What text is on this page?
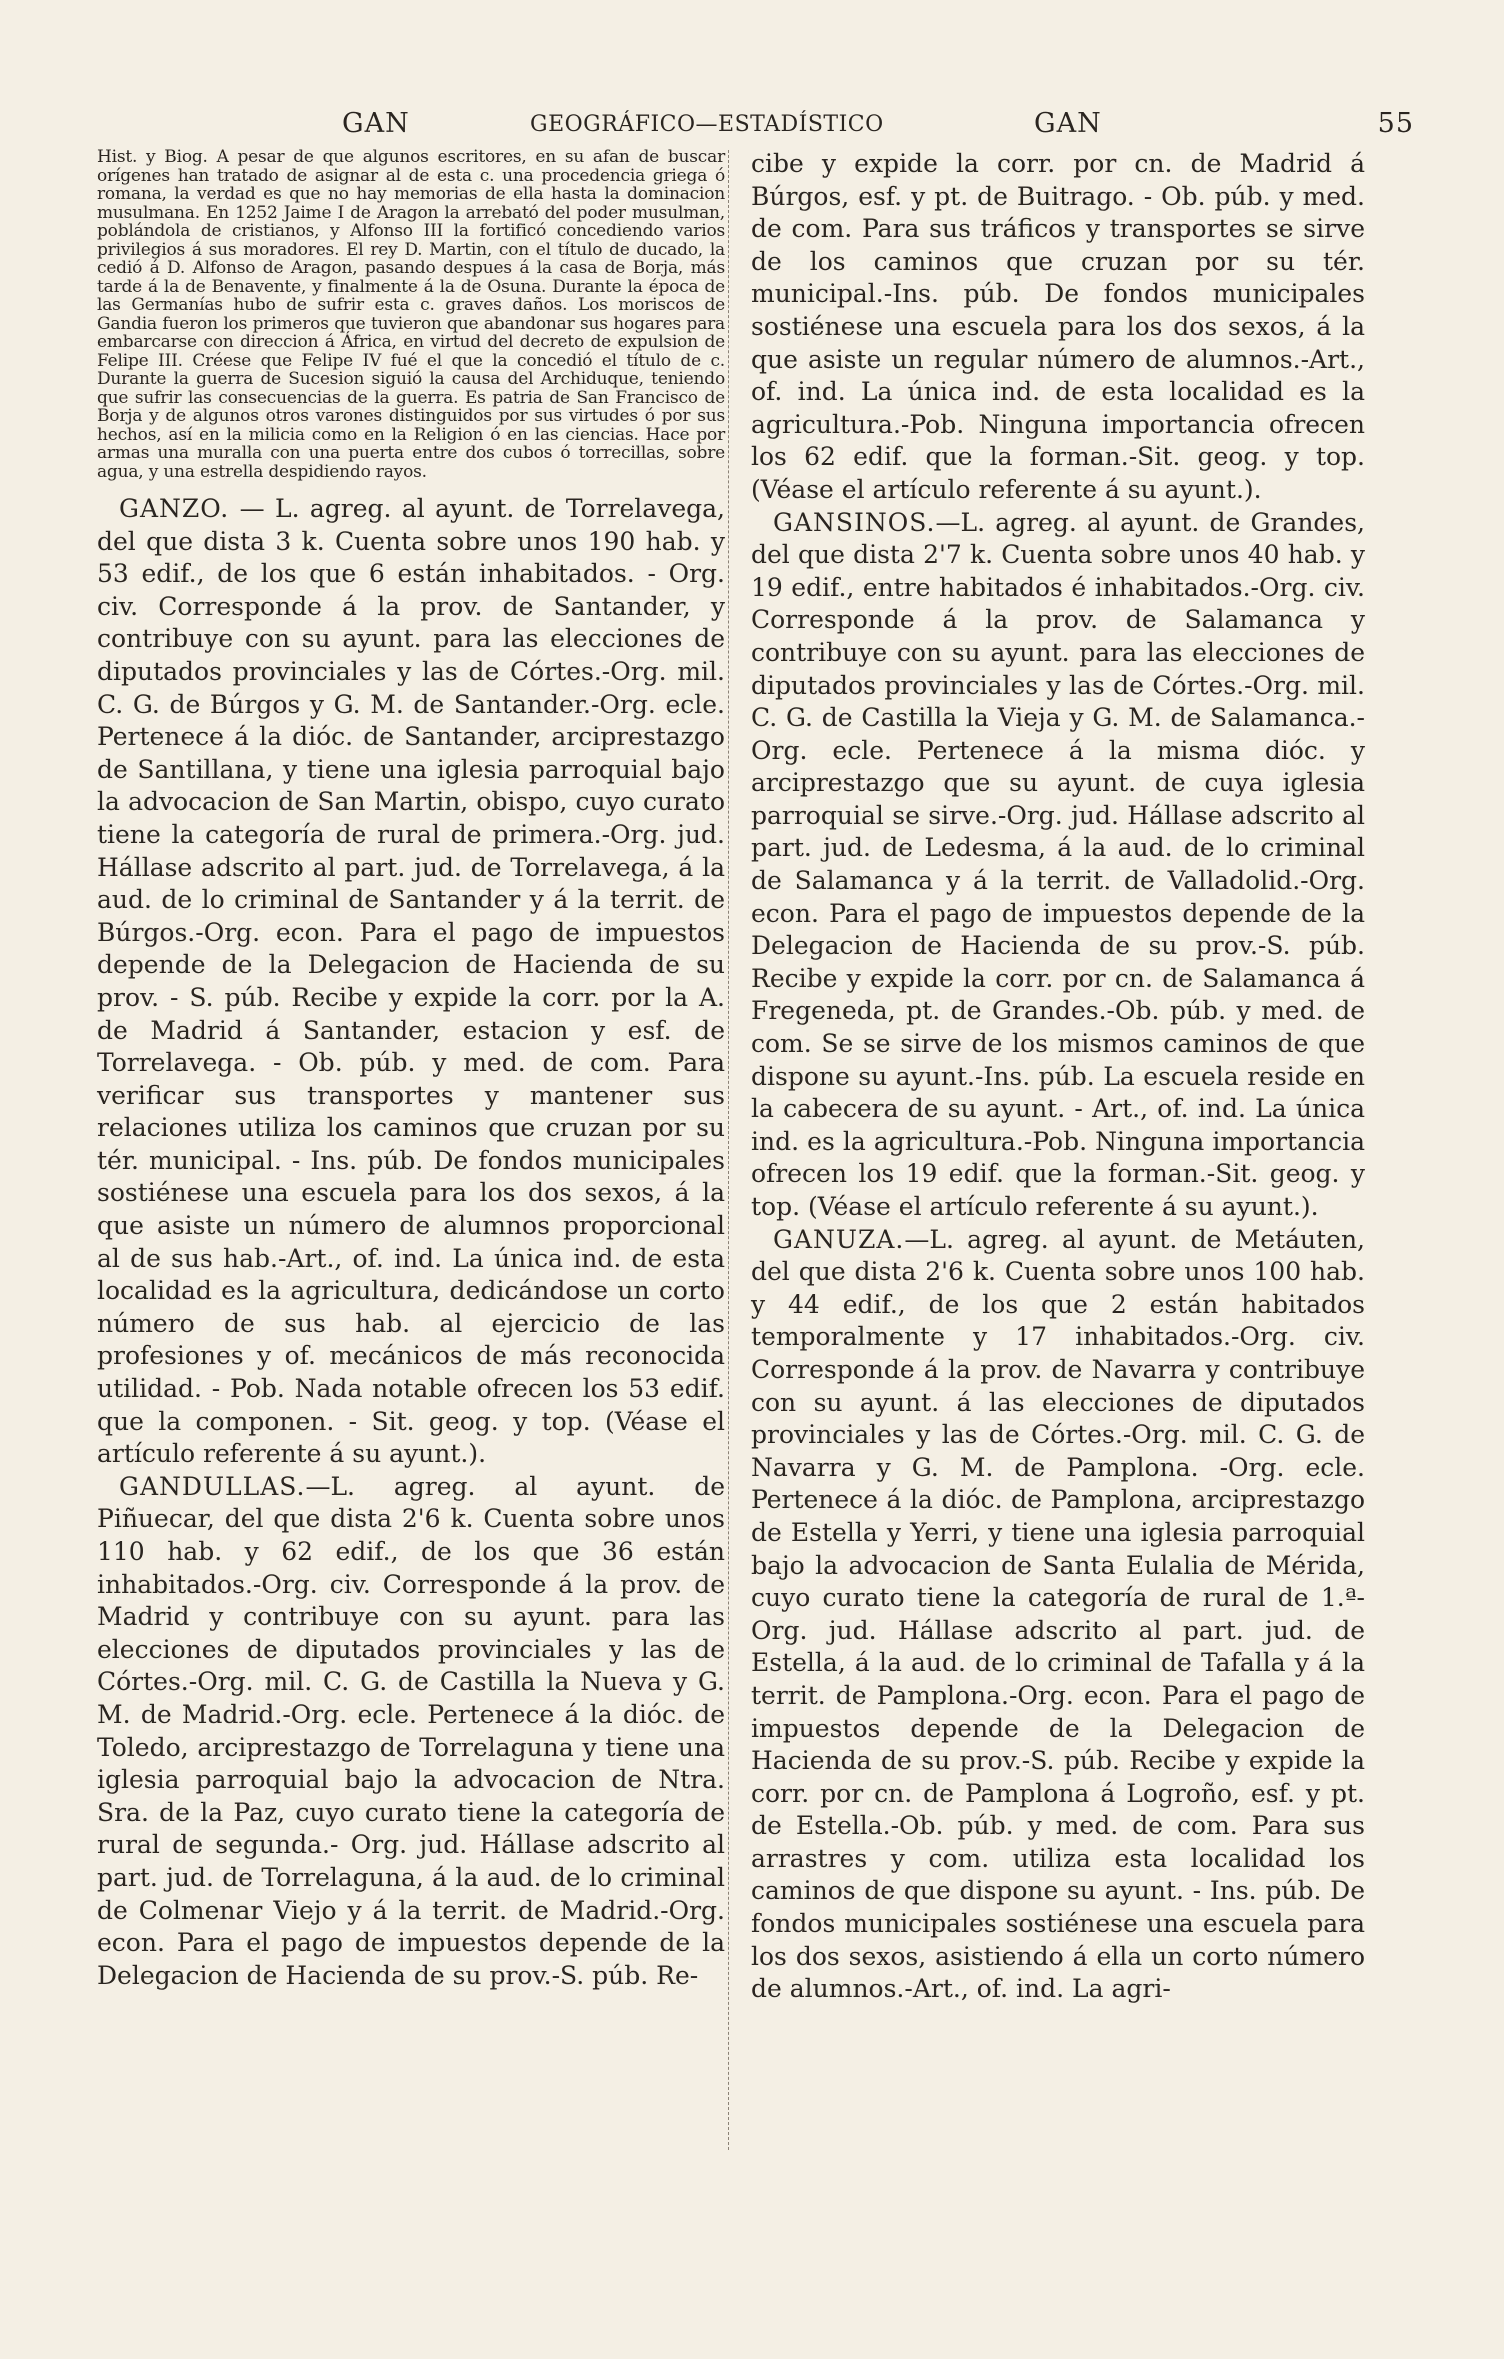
GAN	GEOGRÁFICO—ESTADÍSTICO	GAN	55

Hist. y Biog. A pesar de que algunos escritores, en su afan de buscar orígenes han tratado de asignar al de esta c. una procedencia griega ó romana, la verdad es que no hay memorias de ella hasta la dominacion musulmana. En 1252 Jaime I de Aragon la arrebató del poder musulman, poblándola de cristianos, y Alfonso III la fortificó concediendo varios privilegios á sus moradores. El rey D. Martin, con el título de ducado, la cedió á D. Alfonso de Aragon, pasando despues á la casa de Borja, más tarde á la de Benavente, y finalmente á la de Osuna. Durante la época de las Germanías hubo de sufrir esta c. graves daños. Los moriscos de Gandia fueron los primeros que tuvieron que abandonar sus hogares para embarcarse con direccion á África, en virtud del decreto de expulsion de Felipe III. Créese que Felipe IV fué el que la concedió el título de c. Durante la guerra de Sucesion siguió la causa del Archiduque, teniendo que sufrir las consecuencias de la guerra. Es patria de San Francisco de Borja y de algunos otros varones distinguidos por sus virtudes ó por sus hechos, así en la milicia como en la Religion ó en las ciencias. Hace por armas una muralla con una puerta entre dos cubos ó torrecillas, sobre agua, y una estrella despidiendo rayos.

GANZO. — L. agreg. al ayunt. de Torrelavega, del que dista 3 k. Cuenta sobre unos 190 hab. y 53 edif., de los que 6 están inhabitados. - Org. civ. Corresponde á la prov. de Santander, y contribuye con su ayunt. para las elecciones de diputados provinciales y las de Córtes.-Org. mil. C. G. de Búrgos y G. M. de Santander.-Org. ecle. Pertenece á la dióc. de Santander, arciprestazgo de Santillana, y tiene una iglesia parroquial bajo la advocacion de San Martin, obispo, cuyo curato tiene la categoría de rural de primera.-Org. jud. Hállase adscrito al part. jud. de Torrelavega, á la aud. de lo criminal de Santander y á la territ. de Búrgos.-Org. econ. Para el pago de impuestos depende de la Delegacion de Hacienda de su prov. - S. púb. Recibe y expide la corr. por la A. de Madrid á Santander, estacion y esf. de Torrelavega. - Ob. púb. y med. de com. Para verificar sus transportes y mantener sus relaciones utiliza los caminos que cruzan por su tér. municipal. - Ins. púb. De fondos municipales sostiénese una escuela para los dos sexos, á la que asiste un número de alumnos proporcional al de sus hab.-Art., of. ind. La única ind. de esta localidad es la agricultura, dedicándose un corto número de sus hab. al ejercicio de las profesiones y of. mecánicos de más reconocida utilidad. - Pob. Nada notable ofrecen los 53 edif. que la componen. - Sit. geog. y top. (Véase el artículo referente á su ayunt.).

GANDULLAS.—L. agreg. al ayunt. de Piñuecar, del que dista 2'6 k. Cuenta sobre unos 110 hab. y 62 edif., de los que 36 están inhabitados.-Org. civ. Corresponde á la prov. de Madrid y contribuye con su ayunt. para las elecciones de diputados provinciales y las de Córtes.-Org. mil. C. G. de Castilla la Nueva y G. M. de Madrid.-Org. ecle. Pertenece á la dióc. de Toledo, arciprestazgo de Torrelaguna y tiene una iglesia parroquial bajo la advocacion de Ntra. Sra. de la Paz, cuyo curato tiene la categoría de rural de segunda.- Org. jud. Hállase adscrito al part. jud. de Torrelaguna, á la aud. de lo criminal de Colmenar Viejo y á la territ. de Madrid.-Org. econ. Para el pago de impuestos depende de la Delegacion de Hacienda de su prov.-S. púb. Re-

cibe y expide la corr. por cn. de Madrid á Búrgos, esf. y pt. de Buitrago. - Ob. púb. y med. de com. Para sus tráficos y transportes se sirve de los caminos que cruzan por su tér. municipal.-Ins. púb. De fondos municipales sostiénese una escuela para los dos sexos, á la que asiste un regular número de alumnos.-Art., of. ind. La única ind. de esta localidad es la agricultura.-Pob. Ninguna importancia ofrecen los 62 edif. que la forman.-Sit. geog. y top. (Véase el artículo referente á su ayunt.).

GANSINOS.—L. agreg. al ayunt. de Grandes, del que dista 2'7 k. Cuenta sobre unos 40 hab. y 19 edif., entre habitados é inhabitados.-Org. civ. Corresponde á la prov. de Salamanca y contribuye con su ayunt. para las elecciones de diputados provinciales y las de Córtes.-Org. mil. C. G. de Castilla la Vieja y G. M. de Salamanca.-Org. ecle. Pertenece á la misma dióc. y arciprestazgo que su ayunt. de cuya iglesia parroquial se sirve.-Org. jud. Hállase adscrito al part. jud. de Ledesma, á la aud. de lo criminal de Salamanca y á la territ. de Valladolid.-Org. econ. Para el pago de impuestos depende de la Delegacion de Hacienda de su prov.-S. púb. Recibe y expide la corr. por cn. de Salamanca á Fregeneda, pt. de Grandes.-Ob. púb. y med. de com. Se se sirve de los mismos caminos de que dispone su ayunt.-Ins. púb. La escuela reside en la cabecera de su ayunt. - Art., of. ind. La única ind. es la agricultura.-Pob. Ninguna importancia ofrecen los 19 edif. que la forman.-Sit. geog. y top. (Véase el artículo referente á su ayunt.).

GANUZA.—L. agreg. al ayunt. de Metáuten, del que dista 2'6 k. Cuenta sobre unos 100 hab. y 44 edif., de los que 2 están habitados temporalmente y 17 inhabitados.-Org. civ. Corresponde á la prov. de Navarra y contribuye con su ayunt. á las elecciones de diputados provinciales y las de Córtes.-Org. mil. C. G. de Navarra y G. M. de Pamplona. -Org. ecle. Pertenece á la dióc. de Pamplona, arciprestazgo de Estella y Yerri, y tiene una iglesia parroquial bajo la advocacion de Santa Eulalia de Mérida, cuyo curato tiene la categoría de rural de 1.ª-Org. jud. Hállase adscrito al part. jud. de Estella, á la aud. de lo criminal de Tafalla y á la territ. de Pamplona.-Org. econ. Para el pago de impuestos depende de la Delegacion de Hacienda de su prov.-S. púb. Recibe y expide la corr. por cn. de Pamplona á Logroño, esf. y pt. de Estella.-Ob. púb. y med. de com. Para sus arrastres y com. utiliza esta localidad los caminos de que dispone su ayunt. - Ins. púb. De fondos municipales sostiénese una escuela para los dos sexos, asistiendo á ella un corto número de alumnos.-Art., of. ind. La agri-
